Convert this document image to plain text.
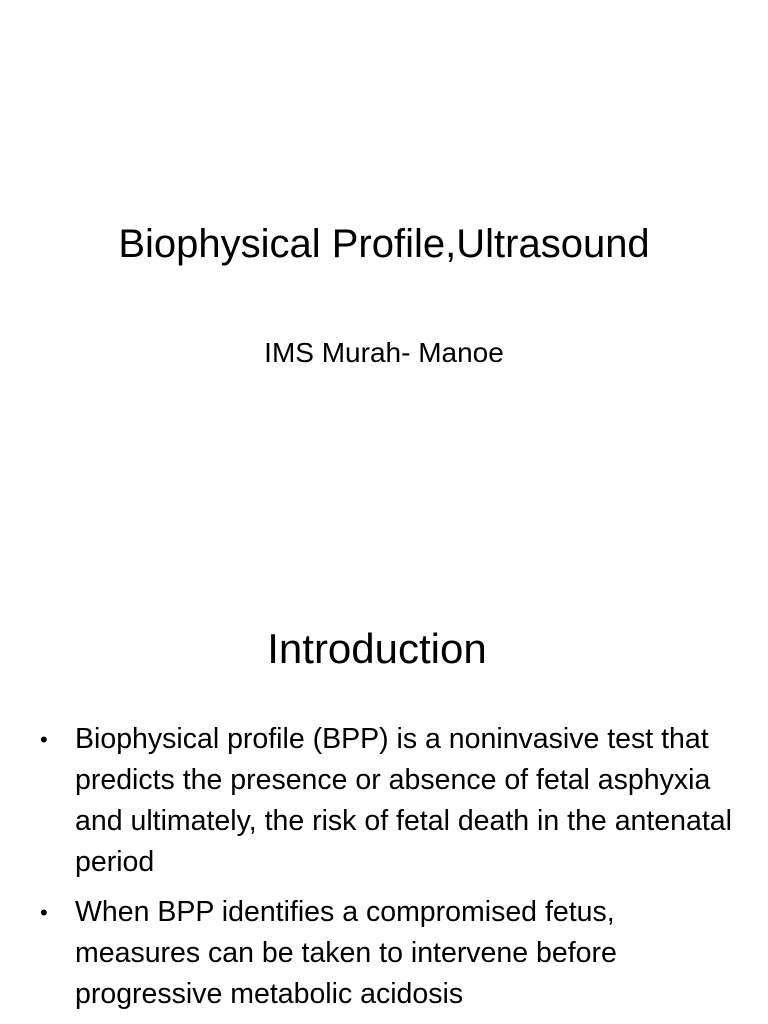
Biophysical Profile,Ultrasound
IMS Murah- Manoe
Introduction
• Biophysical profile (BPP) is a noninvasive test that predicts the presence or absence of fetal asphyxia and ultimately, the risk of fetal death in the antenatal period
• When BPP identifies a compromised fetus, measures can be taken to intervene before progressive metabolic acidosis
